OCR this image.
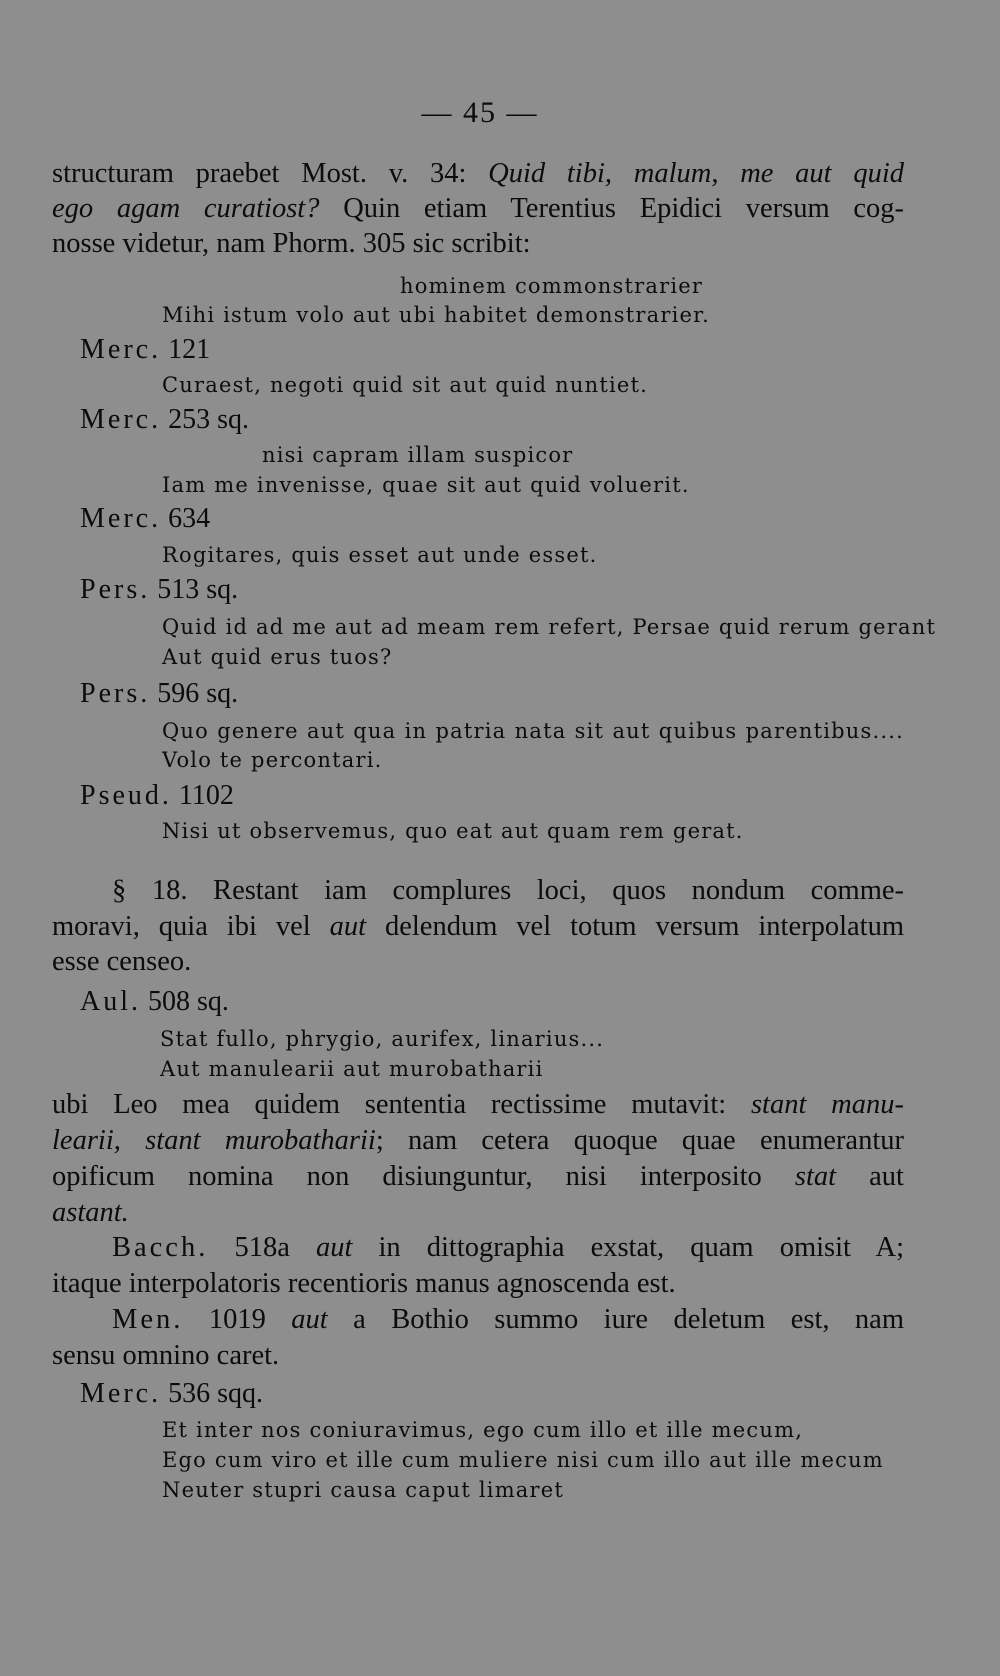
— 45 —
structuram praebet Most. v. 34: Quid tibi, malum, me aut quid
ego agam curatiost? Quin etiam Terentius Epidici versum cog-
nosse videtur, nam Phorm. 305 sic scribit:
hominem commonstrarier
Mihi istum volo aut ubi habitet demonstrarier.
Merc. 121
Curaest, negoti quid sit aut quid nuntiet.
Merc. 253 sq.
nisi capram illam suspicor
Iam me invenisse, quae sit aut quid voluerit.
Merc. 634
Rogitares, quis esset aut unde esset.
Pers. 513 sq.
Quid id ad me aut ad meam rem refert, Persae quid rerum gerant
Aut quid erus tuos?
Pers. 596 sq.
Quo genere aut qua in patria nata sit aut quibus parentibus....
Volo te percontari.
Pseud. 1102
Nisi ut observemus, quo eat aut quam rem gerat.
§ 18. Restant iam complures loci, quos nondum comme-
moravi, quia ibi vel aut delendum vel totum versum interpolatum
esse censeo.
Aul. 508 sq.
Stat fullo, phrygio, aurifex, linarius...
Aut manulearii aut murobatharii
ubi Leo mea quidem sententia rectissime mutavit: stant manu-
learii, stant murobatharii; nam cetera quoque quae enumerantur
opificum nomina non disiunguntur, nisi interposito stat aut
astant.
Bacch. 518a aut in dittographia exstat, quam omisit A;
itaque interpolatoris recentioris manus agnoscenda est.
Men. 1019 aut a Bothio summo iure deletum est, nam
sensu omnino caret.
Merc. 536 sqq.
Et inter nos coniuravimus, ego cum illo et ille mecum,
Ego cum viro et ille cum muliere nisi cum illo aut ille mecum
Neuter stupri causa caput limaret
